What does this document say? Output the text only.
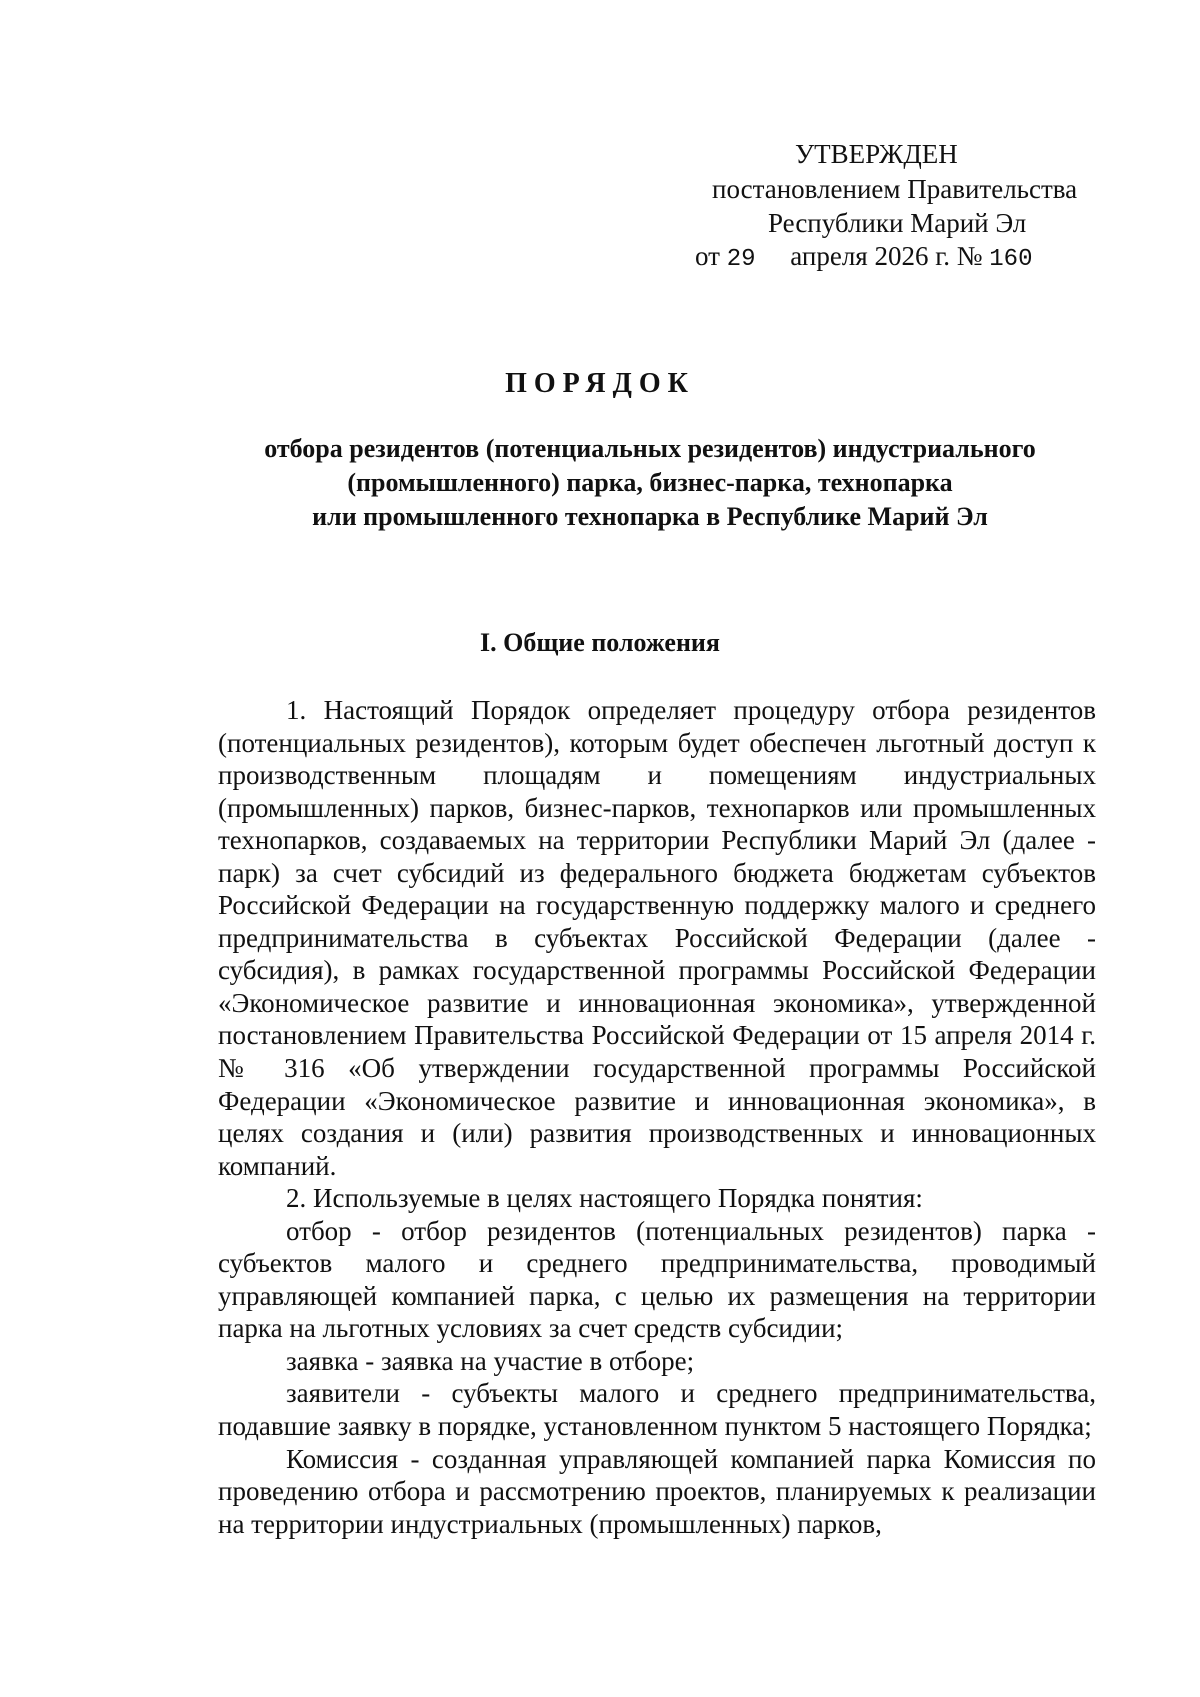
УТВЕРЖДЕН
постановлением Правительства
Республики Марий Эл
от 29 апреля 2026 г. № 160
ПОРЯДОК
отбора резидентов (потенциальных резидентов) индустриального
(промышленного) парка, бизнес-парка, технопарка
или промышленного технопарка в Республике Марий Эл
I. Общие положения

1. Настоящий Порядок определяет процедуру отбора резидентов (потенциальных резидентов), которым будет обеспечен льготный доступ к производственным площадям и помещениям индустриальных (промышленных) парков, бизнес-парков, технопарков или промышленных технопарков, создаваемых на территории Республики Марий Эл (далее - парк) за счет субсидий из федерального бюджета бюджетам субъектов Российской Федерации на государственную поддержку малого и среднего предпринимательства в субъектах Российской Федерации (далее - субсидия), в рамках государственной программы Российской Федерации «Экономическое развитие и инновационная экономика», утвержденной постановлением Правительства Российской Федерации от 15 апреля 2014 г. № 316 «Об утверждении государственной программы Российской Федерации «Экономическое развитие и инновационная экономика», в целях создания и (или) развития производственных и инновационных компаний.

2. Используемые в целях настоящего Порядка понятия:

отбор - отбор резидентов (потенциальных резидентов) парка - субъектов малого и среднего предпринимательства, проводимый управляющей компанией парка, с целью их размещения на территории парка на льготных условиях за счет средств субсидии;

заявка - заявка на участие в отборе;

заявители - субъекты малого и среднего предпринимательства, подавшие заявку в порядке, установленном пунктом 5 настоящего Порядка;

Комиссия - созданная управляющей компанией парка Комиссия по проведению отбора и рассмотрению проектов, планируемых к реализации на территории индустриальных (промышленных) парков,
